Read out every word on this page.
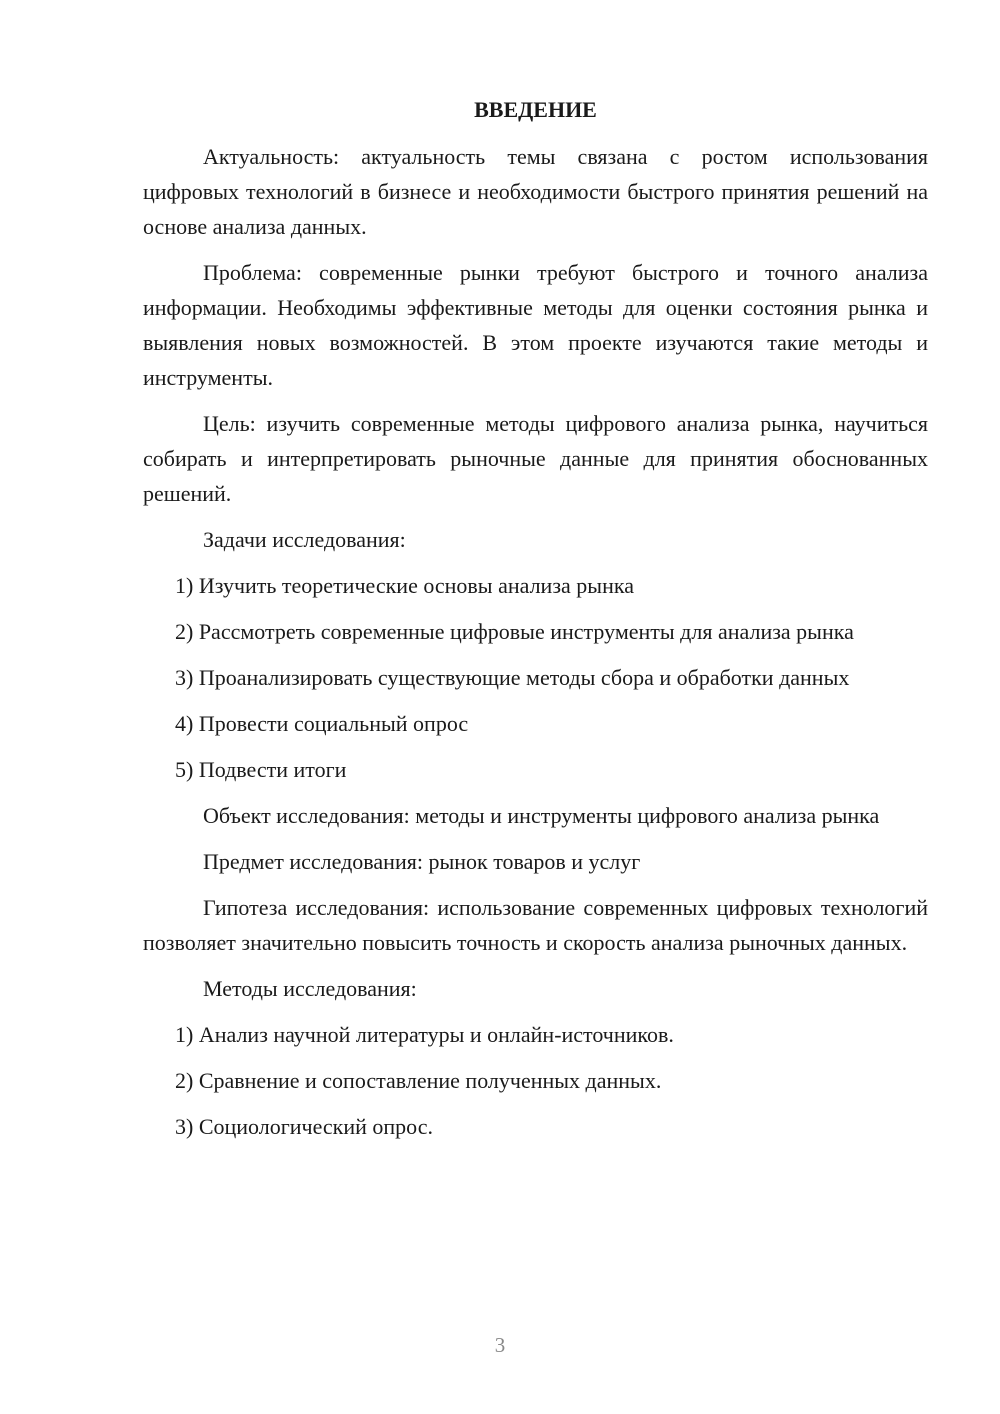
ВВЕДЕНИЕ

Актуальность: актуальность темы связана с ростом использования цифровых технологий в бизнесе и необходимости быстрого принятия решений на основе анализа данных.

Проблема: современные рынки требуют быстрого и точного анализа информации. Необходимы эффективные методы для оценки состояния рынка и выявления новых возможностей. В этом проекте изучаются такие методы и инструменты.

Цель: изучить современные методы цифрового анализа рынка, научиться собирать и интерпретировать рыночные данные для принятия обоснованных решений.

Задачи исследования:

1) Изучить теоретические основы анализа рынка

2) Рассмотреть современные цифровые инструменты для анализа рынка

3) Проанализировать существующие методы сбора и обработки данных

4) Провести социальный опрос

5) Подвести итоги

Объект исследования: методы и инструменты цифрового анализа рынка

Предмет исследования: рынок товаров и услуг

Гипотеза исследования: использование современных цифровых технологий позволяет значительно повысить точность и скорость анализа рыночных данных.

Методы исследования:

1) Анализ научной литературы и онлайн-источников.

2) Сравнение и сопоставление полученных данных.

3) Социологический опрос.

3
